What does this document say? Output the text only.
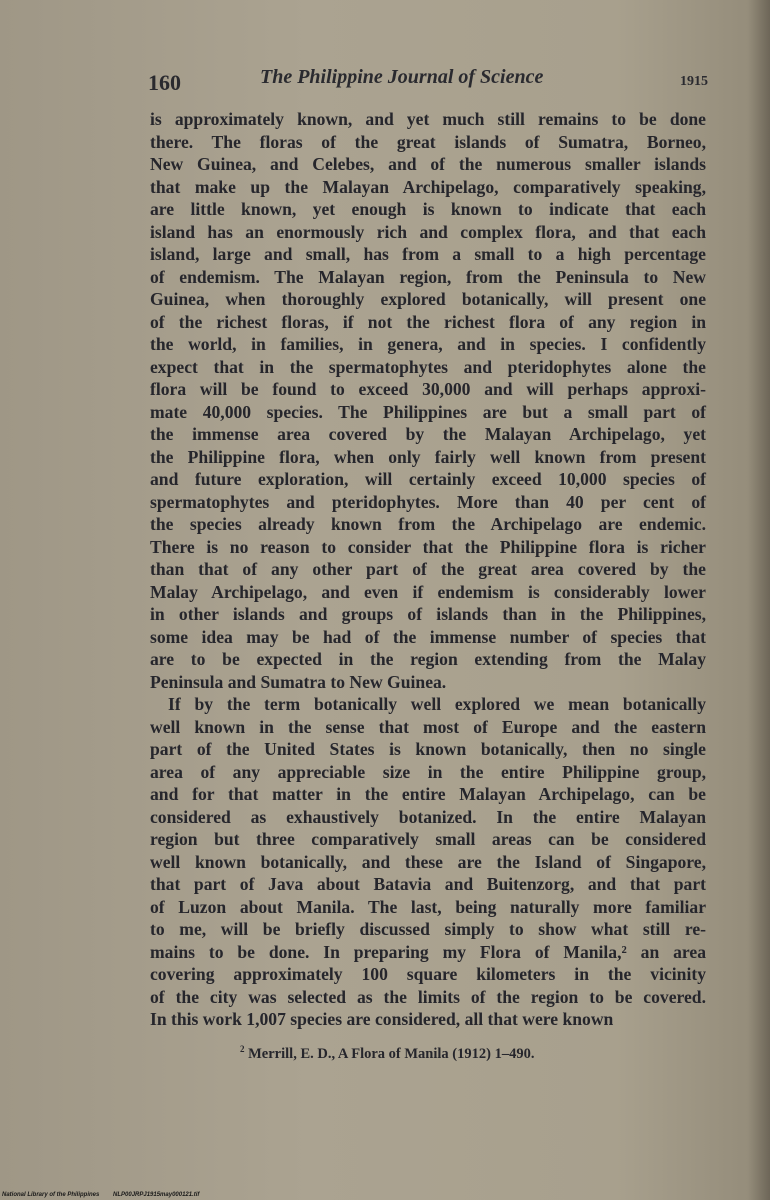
160	The Philippine Journal of Science	1915
is approximately known, and yet much still remains to be done
there. The floras of the great islands of Sumatra, Borneo,
New Guinea, and Celebes, and of the numerous smaller islands
that make up the Malayan Archipelago, comparatively speaking,
are little known, yet enough is known to indicate that each
island has an enormously rich and complex flora, and that each
island, large and small, has from a small to a high percentage
of endemism. The Malayan region, from the Peninsula to New
Guinea, when thoroughly explored botanically, will present one
of the richest floras, if not the richest flora of any region in
the world, in families, in genera, and in species. I confidently
expect that in the spermatophytes and pteridophytes alone the
flora will be found to exceed 30,000 and will perhaps approxi-
mate 40,000 species. The Philippines are but a small part of
the immense area covered by the Malayan Archipelago, yet
the Philippine flora, when only fairly well known from present
and future exploration, will certainly exceed 10,000 species of
spermatophytes and pteridophytes. More than 40 per cent of
the species already known from the Archipelago are endemic.
There is no reason to consider that the Philippine flora is richer
than that of any other part of the great area covered by the
Malay Archipelago, and even if endemism is considerably lower
in other islands and groups of islands than in the Philippines,
some idea may be had of the immense number of species that
are to be expected in the region extending from the Malay
Peninsula and Sumatra to New Guinea.
If by the term botanically well explored we mean botanically
well known in the sense that most of Europe and the eastern
part of the United States is known botanically, then no single
area of any appreciable size in the entire Philippine group,
and for that matter in the entire Malayan Archipelago, can be
considered as exhaustively botanized. In the entire Malayan
region but three comparatively small areas can be considered
well known botanically, and these are the Island of Singapore,
that part of Java about Batavia and Buitenzorg, and that part
of Luzon about Manila. The last, being naturally more familiar
to me, will be briefly discussed simply to show what still re-
mains to be done. In preparing my Flora of Manila,² an area
covering approximately 100 square kilometers in the vicinity
of the city was selected as the limits of the region to be covered.
In this work 1,007 species are considered, all that were known
$^2$ Merrill, E. D., A Flora of Manila (1912) 1–490.
National Library of the Philippines NLP00JRPJ1915may000121.tif
